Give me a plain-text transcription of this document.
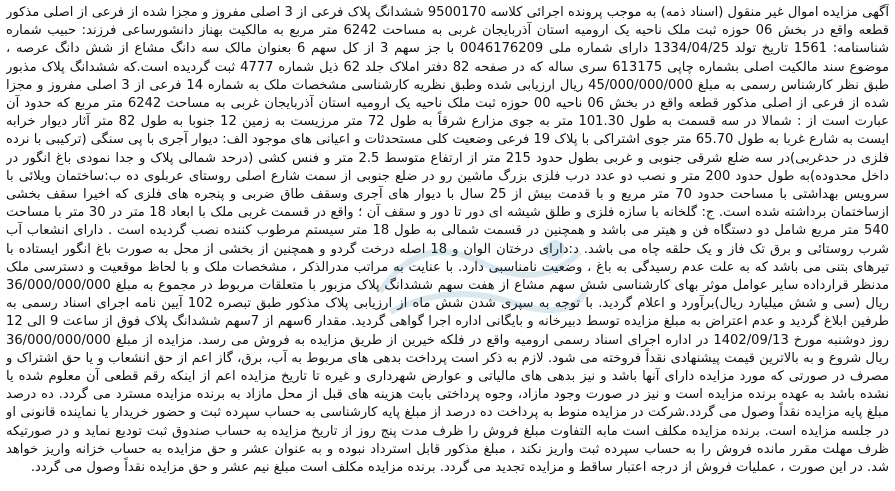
آگهی مزایده اموال غیر منقول (اسناد ذمه) به موجب پرونده اجرائی کلاسه 9500170 ششدانگ پلاک فرعی از 3 اصلی مفروز و مجزا شده از فرعی از اصلی مذکور قطعه واقع در بخش 06 حوزه ثبت ملک ناحیه یک ارومیه استان آذربایجان غربی به مساحت 6242 متر مربع به مالکیت بهناز دانشورساعی فرزند: حبیب شماره شناسنامه: 1561 تاریخ تولد 1334/04/25 دارای شماره ملی 0046176209 با جز سهم 3 از کل سهم 6 بعنوان مالک سه دانگ مشاع از شش دانگ عرصه ، موضوع سند مالکیت اصلی بشماره چاپی 613175 سری ساله که در صفحه 82 دفتر املاک جلد 62 ذیل شماره 4777 ثبت گردیده است.که ششدانگ پلاک مذبور طبق نظر کارشناس رسمی به مبلغ 45/000/000/000 ریال ارزیابی شده وطبق نظریه کارشناسی مشخصات ملک به شماره 14 فرعی از 3 اصلی مفروز و مجزا شده از فرعی از اصلی مذکور قطعه واقع در بخش 06 ناحیه 00 حوزه ثبت ملک ناحیه یک ارومیه استان آذربایجان غربی به مساحت 6242 متر مربع که حدود آن عبارت است از : شمالا در سه قسمت به طول 101.30 متر به جوی مزارع شرقاً به طول 72 متر مرزیست به زمین 12 جنوبا به طول 82 متر آثار دیوار خرابه ایست به شارع غربا به طول 65.70 متر جوی اشتراکی با پلاک 19 فرعی وضعیت کلی مستحدثات و اعیانی های موجود الف: دیوار آجری با پی سنگی (ترکیبی با نرده فلزی در حدغربی)در سه ضلع شرقی جنوبی و غربی بطول حدود 215 متر از ارتفاع متوسط 2.5 متر و فنس کشی (درحد شمالی پلاک و جدا نمودی باغ انگور در داخل محدوده)به طول حدود 200 متر و نصب دو عدد درب فلزی بزرگ ماشین رو در ضلع جنوبی از سمت شارع اصلی روستای عربلوی ده ب:ساختمان ویلائی با سرویس بهداشتی با مساحت حدود 70 متر مربع و با قدمت بیش از 25 سال با دیوار های آجری وسقف طاق ضربی و پنجره های فلزی که اخیرا سقف بخشی ازساختمان برداشته شده است. ج: گلخانه با سازه فلزی و طلق شیشه ای دور تا دور و سقف آن ؛ واقع در قسمت غربی ملک با ابعاد 18 متر در 30 متر با مساحت 540 متر مربع شامل دو دستگاه فن و هیتر می باشد و همچنین در قسمت شمالی به طول 18 متر سیستم مرطوب کننده نصب گردیده است . دارای انشعاب آب شرب روستائی و برق تک فاز و یک حلقه چاه می باشد. د:دارای درختان الوان و 18 اصله درخت گردو و همچنین از بخشی از محل به صورت باغ انگور ایستاده با تیرهای بتنی می باشد که به علت عدم رسیدگی به باغ ، وضعیت نامناسبی دارد. با عنایت به مراتب مدرالذکر ، مشخصات ملک و با لحاظ موقعیت و دسترسی ملک مدنظر قرارداده سایر عوامل موثر بهای کارشناسی شش سهم مشاع از هفت سهم ششدانگ پلاک مزبور با متعلقات مربوط در مجموع به مبلغ 36/000/000/000 ریال (سی و شش میلیارد ریال)برآورد و اعلام گردید. با توجه به سپری شدن شش ماه از ارزیابی پلاک مذکور طبق تبصره 102 آیین نامه اجرای اسناد رسمی به طرفین ابلاغ گردید و عدم اعتراض به مبلغ مزایده توسط دبیرخانه و بایگانی اداره اجرا گواهی گردید. مقدار 6سهم از 7سهم ششدانگ پلاک فوق از ساعت 9 الی 12 روز دوشنبه مورخ 1402/09/13 در اداره اجرای اسناد رسمی ارومیه واقع در فلکه خیرین از طریق مزایده به فروش می رسد. مزایده از مبلغ 36/000/000/000 ریال شروع و به بالاترین قیمت پیشنهادی نقداً فروخته می شود. لازم به ذکر است پرداخت بدهی های مربوط به آب، برق، گاز اعم از حق انشعاب و یا حق اشتراک و مصرف در صورتی که مورد مزایده دارای آنها باشد و نیز بدهی های مالیاتی و عوارض شهرداری و غیره تا تاریخ مزایده اعم از اینکه رقم قطعی آن معلوم شده یا نشده باشد به عهده برنده مزایده است و نیز در صورت وجود مازاد، وجوه پرداختی بابت هزینه های قبل از محل مازاد به برنده مزایده مسترد می گردد. ده درصد مبلغ پایه مزایده نقداً وصول می گردد.شرکت در مزایده منوط به پرداخت ده درصد از مبلغ پایه کارشناسی به حساب سپرده ثبت و حضور خریدار یا نماینده قانونی او در جلسه مزایده است. برنده مزایده مکلف است مابه التفاوت مبلغ فروش را ظرف مدت پنج روز از تاریخ مزایده به حساب صندوق ثبت تودیع نماید و در صورتیکه ظرف مهلت مقرر مانده فروش را به حساب سپرده ثبت واریز نکند ، مبلغ مذکور قابل استرداد نبوده و به عنوان عشر و حق مزایده به حساب خزانه واریز خواهد شد. در این صورت ، عملیات فروش از درجه اعتبار ساقط و مزایده تجدید می گردد. برنده مزایده مکلف است مبلغ نیم عشر و حق مزایده نقداً وصول می گردد.
